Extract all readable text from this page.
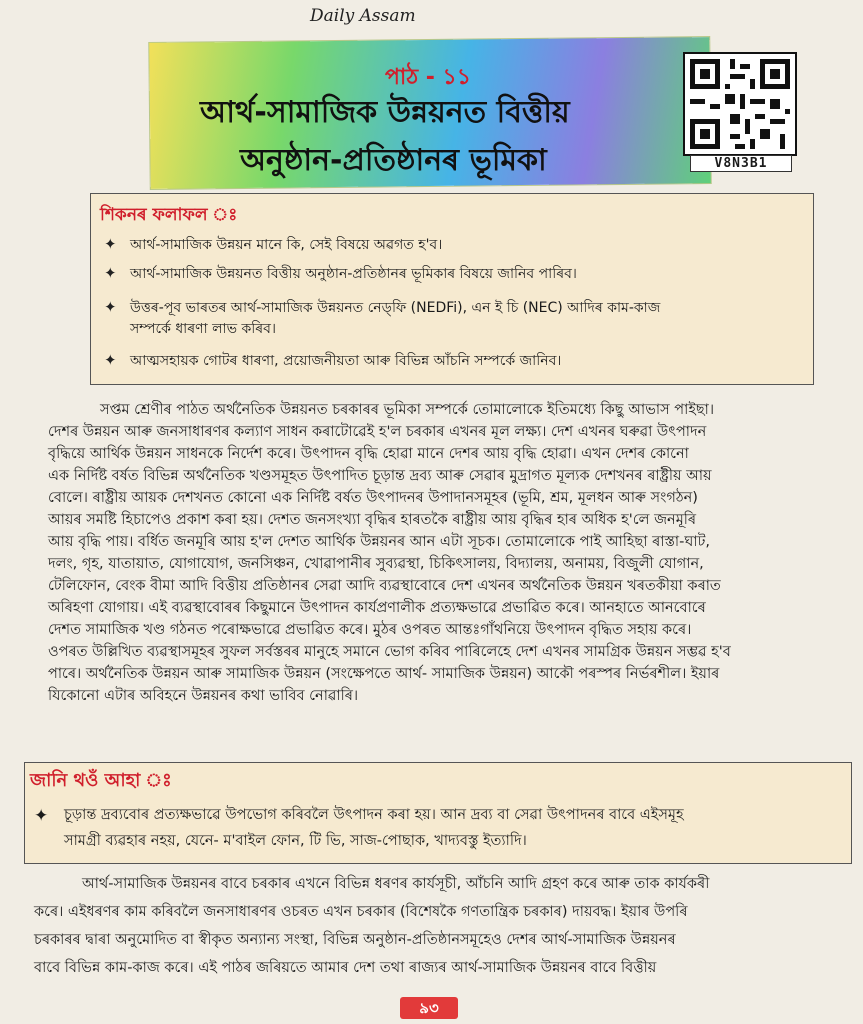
Daily Assam
পাঠ - ১১
আৰ্থ-সামাজিক উন্নয়নত বিত্তীয়
অনুষ্ঠান-প্ৰতিষ্ঠানৰ ভূমিকা	V8N3B1
শিকনৰ ফলাফল ঃ
✦ আৰ্থ-সামাজিক উন্নয়ন মানে কি, সেই বিষয়ে অৱগত হ'ব।
✦ আৰ্থ-সামাজিক উন্নয়নত বিত্তীয় অনুষ্ঠান-প্ৰতিষ্ঠানৰ ভূমিকাৰ বিষয়ে জানিব পাৰিব।
✦ উত্তৰ-পূব ভাৰতৰ আৰ্থ-সামাজিক উন্নয়নত নেড্‌ফি (NEDFi), এন ই চি (NEC) আদিৰ কাম-কাজ
সম্পৰ্কে ধাৰণা লাভ কৰিব।
✦ আত্মসহায়ক গোটৰ ধাৰণা, প্ৰয়োজনীয়তা আৰু বিভিন্ন আঁচনি সম্পৰ্কে জানিব।
সপ্তম শ্ৰেণীৰ পাঠত অৰ্থনৈতিক উন্নয়নত চৰকাৰৰ ভূমিকা সম্পৰ্কে তোমালোকে ইতিমধ্যে কিছু আভাস পাইছা।
দেশৰ উন্নয়ন আৰু জনসাধাৰণৰ কল্যাণ সাধন কৰাটোৱেই হ'ল চৰকাৰ এখনৰ মূল লক্ষ্য। দেশ এখনৰ ঘৰুৱা উৎপাদন
বৃদ্ধিয়ে আৰ্থিক উন্নয়ন সাধনকে নিৰ্দেশ কৰে। উৎপাদন বৃদ্ধি হোৱা মানে দেশৰ আয় বৃদ্ধি হোৱা। এখন দেশৰ কোনো
এক নিৰ্দিষ্ট বৰ্ষত বিভিন্ন অৰ্থনৈতিক খণ্ডসমূহত উৎপাদিত চূড়ান্ত দ্ৰব্য আৰু সেৱাৰ মুদ্ৰাগত মূল্যক দেশখনৰ ৰাষ্ট্ৰীয় আয়
বোলে। ৰাষ্ট্ৰীয় আয়ক দেশখনত কোনো এক নিৰ্দিষ্ট বৰ্ষত উৎপাদনৰ উপাদানসমূহৰ (ভূমি, শ্ৰম, মূলধন আৰু সংগঠন)
আয়ৰ সমষ্টি হিচাপেও প্ৰকাশ কৰা হয়। দেশত জনসংখ্যা বৃদ্ধিৰ হাৰতকৈ ৰাষ্ট্ৰীয় আয় বৃদ্ধিৰ হাৰ অধিক হ'লে জনমূৰি
আয় বৃদ্ধি পায়। বৰ্ধিত জনমূৰি আয় হ'ল দেশত আৰ্থিক উন্নয়নৰ আন এটা সূচক। তোমালোকে পাই আহিছা ৰাস্তা-ঘাট,
দলং, গৃহ, যাতায়াত, যোগাযোগ, জনসিঞ্চন, খোৱাপানীৰ সুব্যৱস্থা, চিকিৎসালয়, বিদ্যালয়, অনাময়, বিজুলী যোগান,
টেলিফোন, বেংক বীমা আদি বিত্তীয় প্ৰতিষ্ঠানৰ সেৱা আদি ব্যৱস্থাবোৰে দেশ এখনৰ অৰ্থনৈতিক উন্নয়ন খৰতকীয়া কৰাত
অৰিহণা যোগায়। এই ব্যৱস্থাবোৰৰ কিছুমানে উৎপাদন কাৰ্যপ্ৰণালীক প্ৰত্যক্ষভাৱে প্ৰভাৱিত কৰে। আনহাতে আনবোৰে
দেশত সামাজিক খণ্ড গঠনত পৰোক্ষভাৱে প্ৰভাৱিত কৰে। মুঠৰ ওপৰত আন্তঃগাঁথনিয়ে উৎপাদন বৃদ্ধিত সহায় কৰে।
ওপৰত উল্লিখিত ব্যৱস্থাসমূহৰ সুফল সৰ্বস্তৰৰ মানুহে সমানে ভোগ কৰিব পাৰিলেহে দেশ এখনৰ সামগ্ৰিক উন্নয়ন সম্ভৱ হ'ব
পাৰে। অৰ্থনৈতিক উন্নয়ন আৰু সামাজিক উন্নয়ন (সংক্ষেপতে আৰ্থ- সামাজিক উন্নয়ন) আকৌ পৰস্পৰ নিৰ্ভৰশীল। ইয়াৰ
যিকোনো এটাৰ অবিহনে উন্নয়নৰ কথা ভাবিব নোৱাৰি।
জানি থওঁ আহা ঃ
✦ চূড়ান্ত দ্ৰব্যবোৰ প্ৰত্যক্ষভাৱে উপভোগ কৰিবলৈ উৎপাদন কৰা হয়। আন দ্ৰব্য বা সেৱা উৎপাদনৰ বাবে এইসমূহ
সামগ্ৰী ব্যৱহাৰ নহয়, যেনে- ম'বাইল ফোন, টি ভি, সাজ-পোছাক, খাদ্যবস্তু ইত্যাদি।
আৰ্থ-সামাজিক উন্নয়নৰ বাবে চৰকাৰ এখনে বিভিন্ন ধৰণৰ কাৰ্যসূচী, আঁচনি আদি গ্ৰহণ কৰে আৰু তাক কাৰ্যকৰী
কৰে। এইধৰণৰ কাম কৰিবলৈ জনসাধাৰণৰ ওচৰত এখন চৰকাৰ (বিশেষকৈ গণতান্ত্ৰিক চৰকাৰ) দায়বদ্ধ। ইয়াৰ উপৰি
চৰকাৰৰ দ্বাৰা অনুমোদিত বা স্বীকৃত অন্যান্য সংস্থা, বিভিন্ন অনুষ্ঠান-প্ৰতিষ্ঠানসমূহেও দেশৰ আৰ্থ-সামাজিক উন্নয়নৰ
বাবে বিভিন্ন কাম-কাজ কৰে। এই পাঠৰ জৰিয়তে আমাৰ দেশ তথা ৰাজ্যৰ আৰ্থ-সামাজিক উন্নয়নৰ বাবে বিত্তীয়
৯৩
